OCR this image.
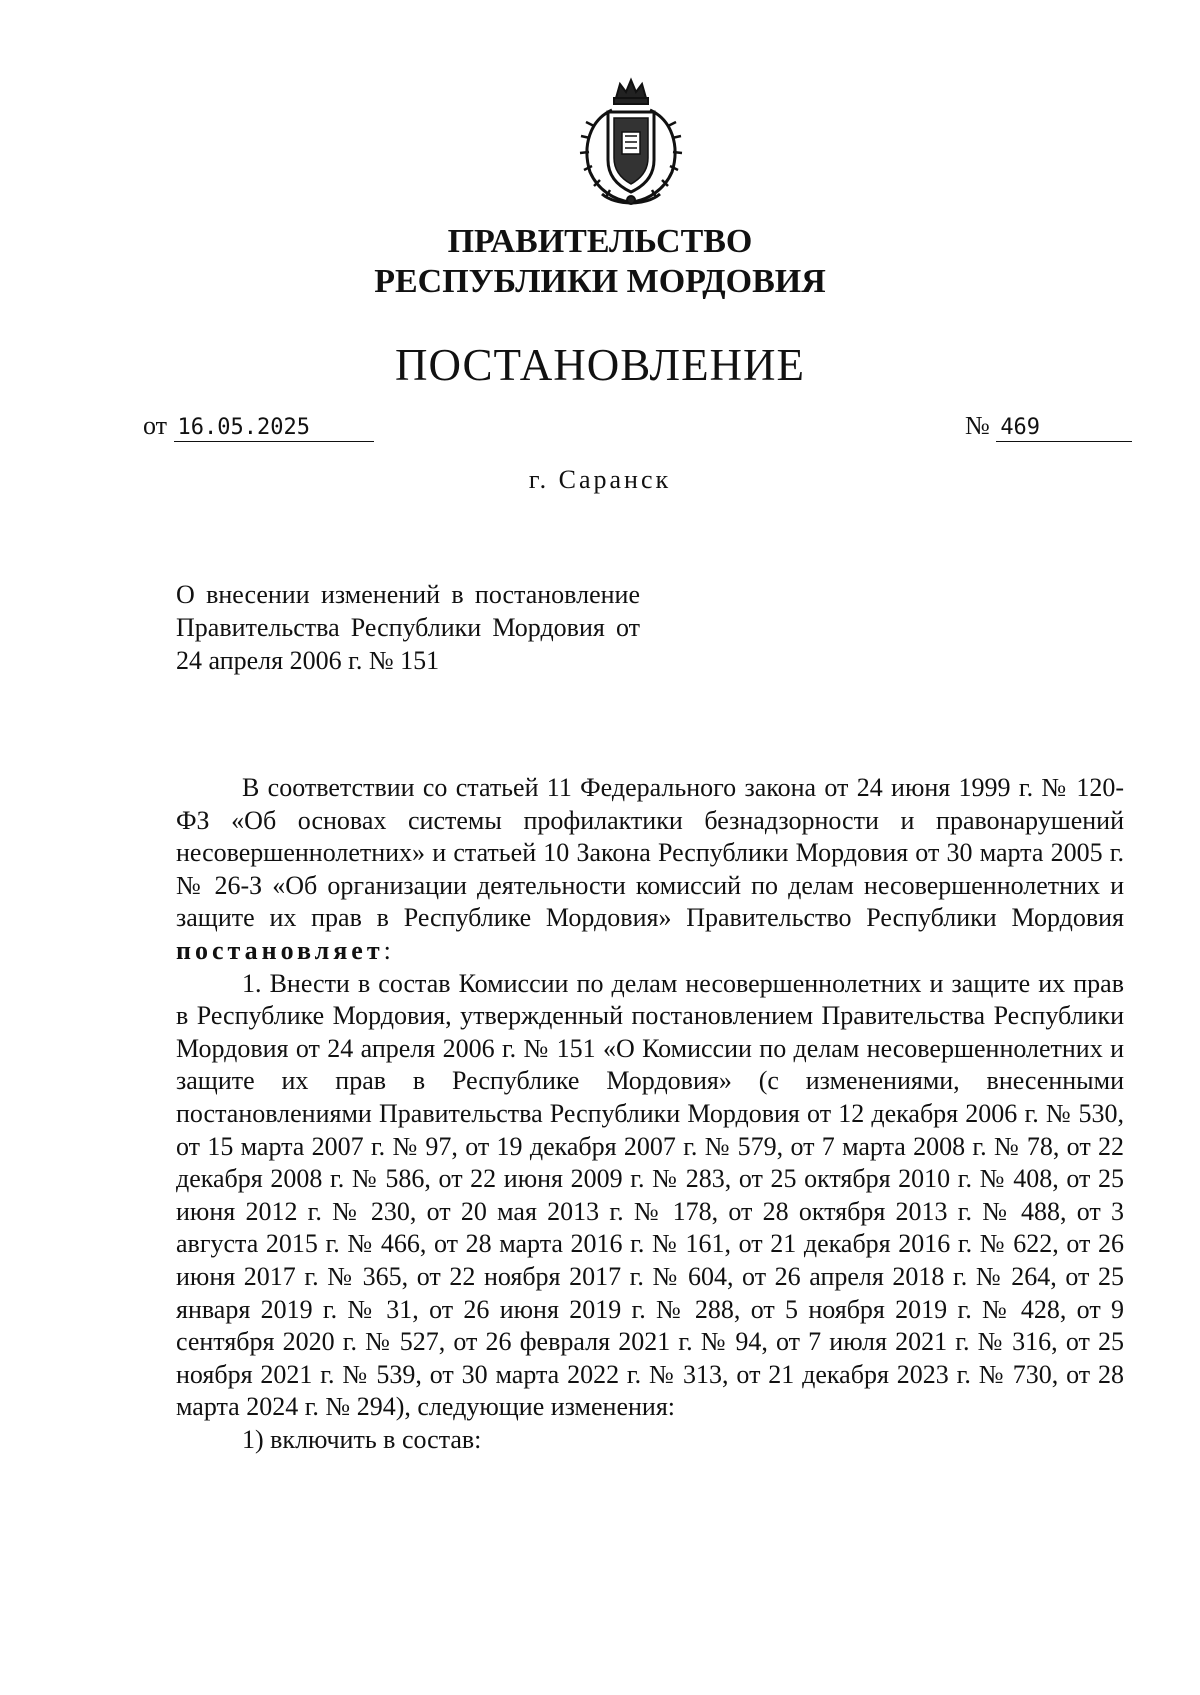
ПРАВИТЕЛЬСТВО
РЕСПУБЛИКИ МОРДОВИЯ
ПОСТАНОВЛЕНИЕ
от 16.05.2025	№ 469
г. Саранск
О внесении изменений в постановление Правительства Республики Мордовия от 24 апреля 2006 г. № 151

В соответствии со статьей 11 Федерального закона от 24 июня 1999 г. № 120-ФЗ «Об основах системы профилактики безнадзорности и правонарушений несовершеннолетних» и статьей 10 Закона Республики Мордовия от 30 марта 2005 г. № 26-З «Об организации деятельности комиссий по делам несовершеннолетних и защите их прав в Республике Мордовия» Правительство Республики Мордовия постановляет:

1. Внести в состав Комиссии по делам несовершеннолетних и защите их прав в Республике Мордовия, утвержденный постановлением Правительства Республики Мордовия от 24 апреля 2006 г. № 151 «О Комиссии по делам несовершеннолетних и защите их прав в Республике Мордовия» (с изменениями, внесенными постановлениями Правительства Республики Мордовия от 12 декабря 2006 г. № 530, от 15 марта 2007 г. № 97, от 19 декабря 2007 г. № 579, от 7 марта 2008 г. № 78, от 22 декабря 2008 г. № 586, от 22 июня 2009 г. № 283, от 25 октября 2010 г. № 408, от 25 июня 2012 г. № 230, от 20 мая 2013 г. № 178, от 28 октября 2013 г. № 488, от 3 августа 2015 г. № 466, от 28 марта 2016 г. № 161, от 21 декабря 2016 г. № 622, от 26 июня 2017 г. № 365, от 22 ноября 2017 г. № 604, от 26 апреля 2018 г. № 264, от 25 января 2019 г. № 31, от 26 июня 2019 г. № 288, от 5 ноября 2019 г. № 428, от 9 сентября 2020 г. № 527, от 26 февраля 2021 г. № 94, от 7 июля 2021 г. № 316, от 25 ноября 2021 г. № 539, от 30 марта 2022 г. № 313, от 21 декабря 2023 г. № 730, от 28 марта 2024 г. № 294), следующие изменения:

1) включить в состав:
